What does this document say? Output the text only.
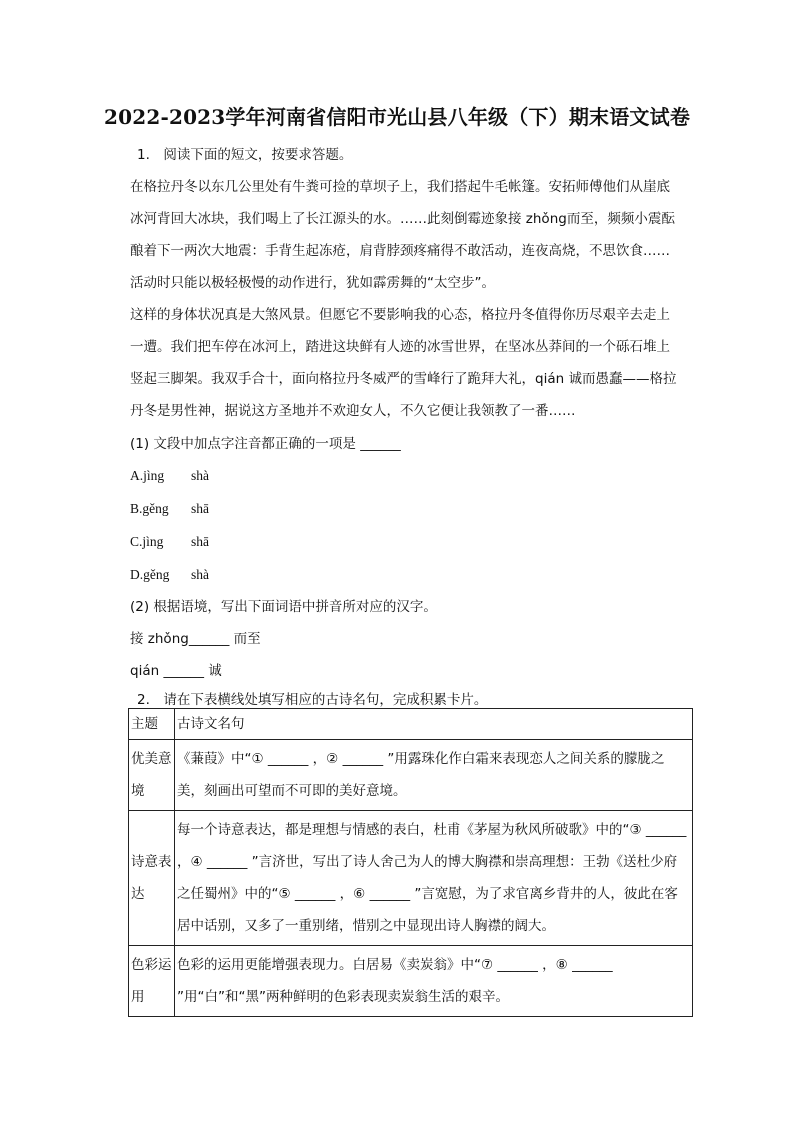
2022-2023学年河南省信阳市光山县八年级（下）期末语文试卷
1.　阅读下面的短文，按要求答题。
在格拉丹冬以东几公里处有牛粪可捡的草坝子上，我们搭起牛毛帐篷。安拓师傅他们从崖底
冰河背回大冰块，我们喝上了长江源头的水。……此刻倒霉迹象接 zhǒng而至，频频小震酝
酿着下一两次大地震：手背生起冻疮，肩背脖颈疼痛得不敢活动，连夜高烧，不思饮食……
活动时只能以极轻极慢的动作进行，犹如霹雳舞的“太空步”。
这样的身体状况真是大煞风景。但愿它不要影响我的心态，格拉丹冬值得你历尽艰辛去走上
一遭。我们把车停在冰河上，踏进这块鲜有人迹的冰雪世界，在坚冰丛莽间的一个砾石堆上
竖起三脚架。我双手合十，面向格拉丹冬威严的雪峰行了跪拜大礼，qián 诚而愚蠢——格拉
丹冬是男性神，据说这方圣地并不欢迎女人，不久它便让我领教了一番……
(1) 文段中加点字注音都正确的一项是 ______
A.jìng shà
B.gěng shā
C.jìng shā
D.gěng shà
(2) 根据语境，写出下面词语中拼音所对应的汉字。
接 zhǒng______ 而至
qián ______ 诚
2.　请在下表横线处填写相应的古诗名句，完成积累卡片。
主题	古诗文名句
优美意境	《蒹葭》中“① ______ ，② ______ ”用露珠化作白霜来表现恋人之间关系的朦胧之美，刻画出可望而不可即的美好意境。
诗意表达	每一个诗意表达，都是理想与情感的表白，杜甫《茅屋为秋风所破歌》中的“③ ______ ，④ ______ ”言济世，写出了诗人舍己为人的博大胸襟和崇高理想：王勃《送杜少府之任蜀州》中的“⑤ ______ ，⑥ ______ ”言宽慰，为了求官离乡背井的人，彼此在客居中话别，又多了一重别绪，惜别之中显现出诗人胸襟的阔大。
色彩运用	色彩的运用更能增强表现力。白居易《卖炭翁》中“⑦ ______ ，⑧ ______ ”用“白”和“黑”两种鲜明的色彩表现卖炭翁生活的艰辛。
